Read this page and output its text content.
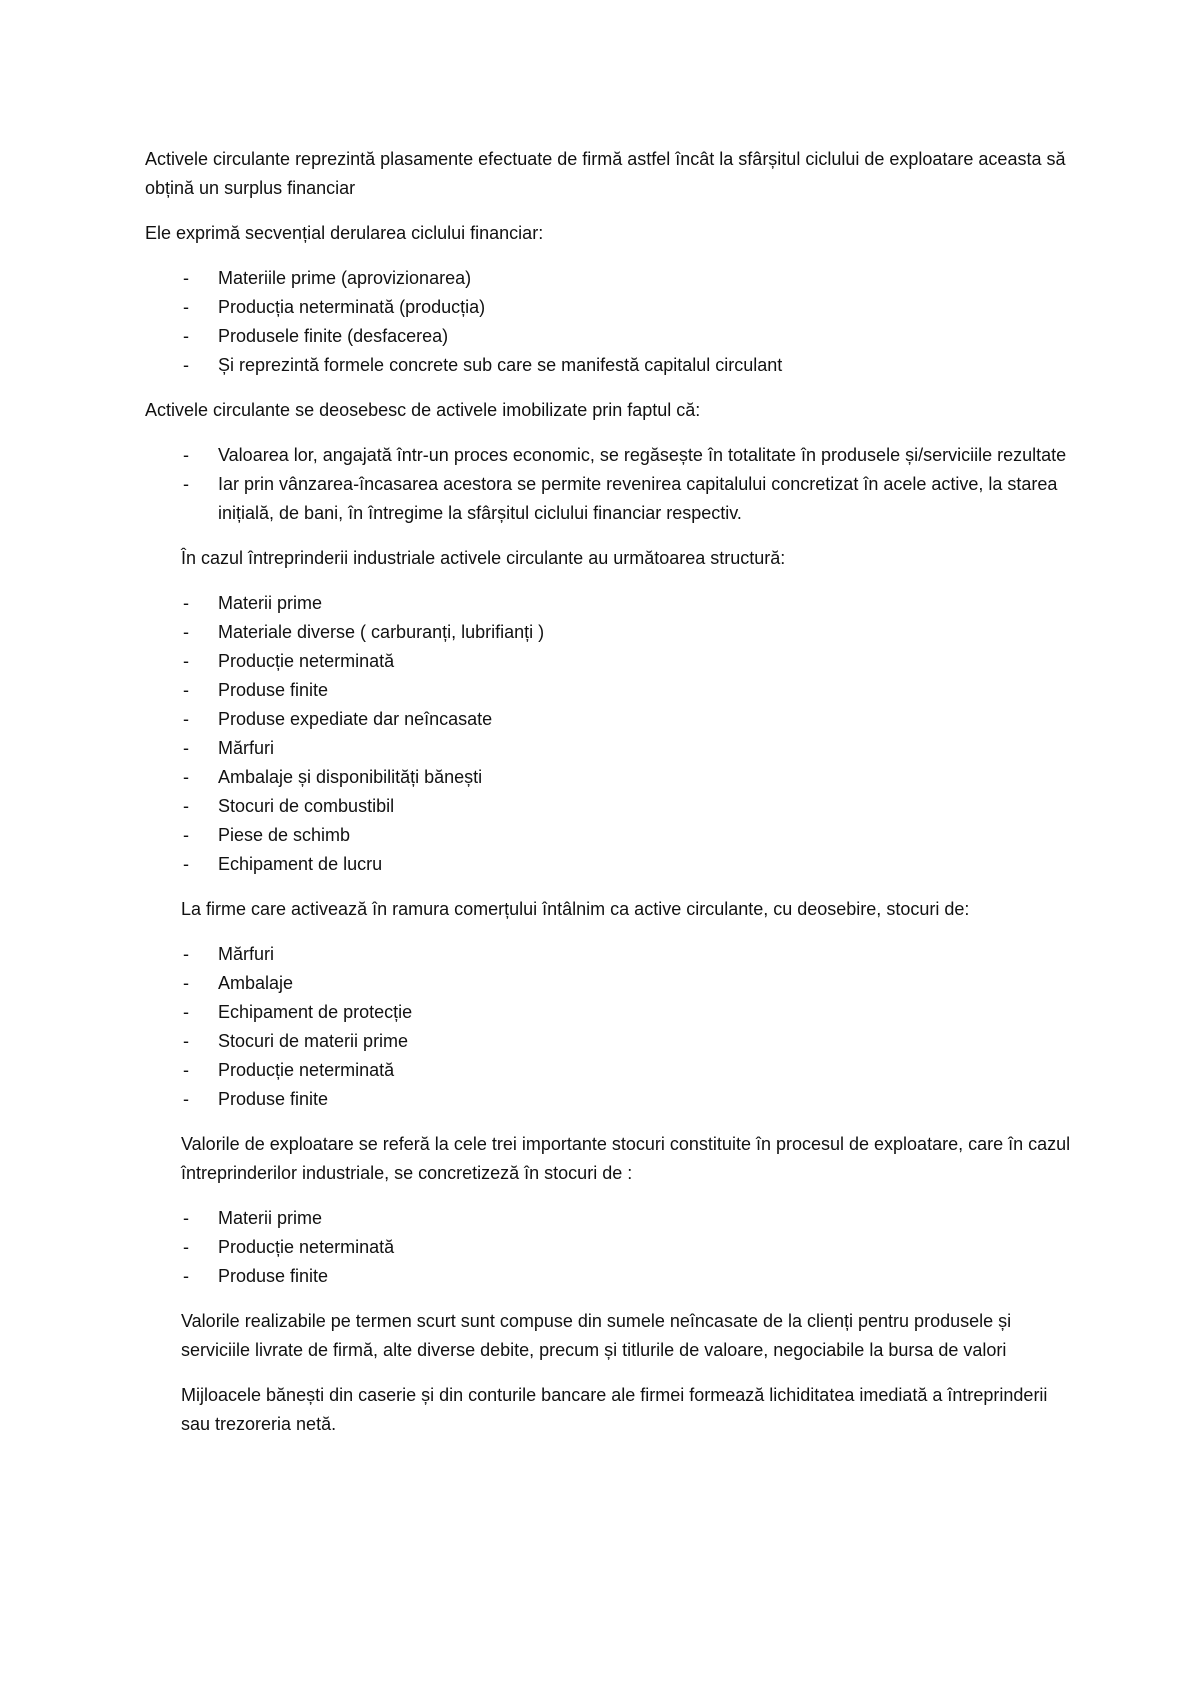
Activele circulante reprezintă plasamente efectuate de firmă astfel încât la sfârșitul ciclului de exploatare aceasta să obțină un surplus financiar

Ele exprimă secvențial derularea ciclului financiar:

- Materiile prime (aprovizionarea)
- Producția neterminată (producția)
- Produsele finite (desfacerea)
- Și reprezintă formele concrete sub care se manifestă capitalul circulant

Activele circulante se deosebesc de activele imobilizate prin faptul că:

- Valoarea lor, angajată într-un proces economic, se regăsește în totalitate în produsele și/serviciile rezultate
- Iar prin vânzarea-încasarea acestora se permite revenirea capitalului concretizat în acele active, la starea inițială, de bani, în întregime la sfârșitul ciclului financiar respectiv.

În cazul întreprinderii industriale activele circulante au următoarea structură:

- Materii prime
- Materiale diverse ( carburanți, lubrifianți )
- Producție neterminată
- Produse finite
- Produse expediate dar neîncasate
- Mărfuri
- Ambalaje și disponibilități bănești
- Stocuri de combustibil
- Piese de schimb
- Echipament de lucru

La firme care activează în ramura comerțului întâlnim ca active circulante, cu deosebire, stocuri de:

- Mărfuri
- Ambalaje
- Echipament de protecție
- Stocuri de materii prime
- Producție neterminată
- Produse finite

Valorile de exploatare se referă la cele trei importante stocuri constituite în procesul de exploatare, care în cazul întreprinderilor industriale, se concretizeză în stocuri de :

- Materii prime
- Producție neterminată
- Produse finite

Valorile realizabile pe termen scurt sunt compuse din sumele neîncasate de la clienți pentru produsele și serviciile livrate de firmă, alte diverse debite, precum și titlurile de valoare, negociabile la bursa de valori

Mijloacele bănești din caserie și din conturile bancare ale firmei formează lichiditatea imediată a întreprinderii sau trezoreria netă.
